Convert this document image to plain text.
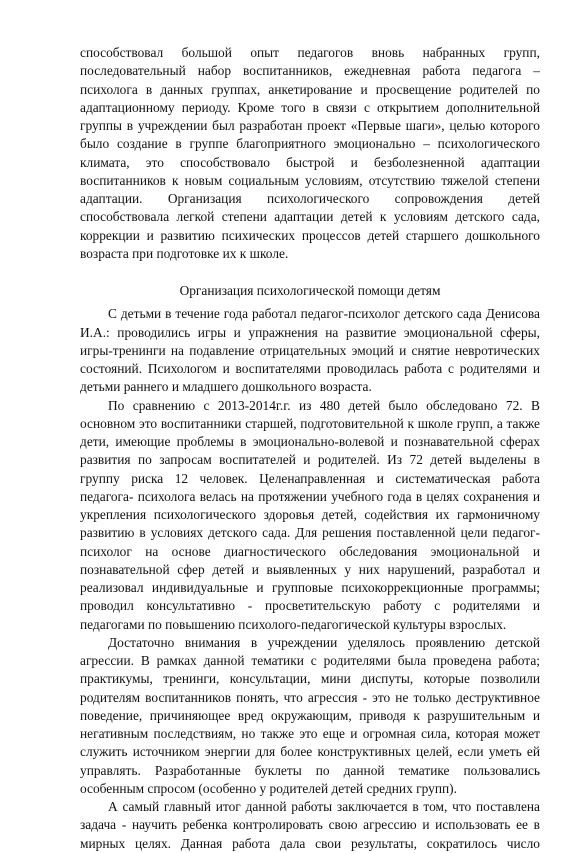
способствовал большой опыт педагогов вновь набранных групп,
последовательный набор воспитанников, ежедневная работа педагога –
психолога в данных группах, анкетирование и просвещение родителей по
адаптационному периоду. Кроме того в связи с открытием дополнительной
группы в учреждении был разработан проект «Первые шаги», целью которого
было создание в группе благоприятного эмоционально – психологического
климата, это способствовало быстрой и безболезненной адаптации
воспитанников к новым социальным условиям, отсутствию тяжелой степени
адаптации. Организация психологического сопровождения детей
способствовала легкой степени адаптации детей к условиям детского сада,
коррекции и развитию психических процессов детей старшего дошкольного
возраста при подготовке их к школе.
Организация психологической помощи детям
С детьми в течение года работал педагог-психолог детского сада Денисова
И.А.: проводились игры и упражнения на развитие эмоциональной сферы,
игры-тренинги на подавление отрицательных эмоций и снятие невротических
состояний. Психологом и воспитателями проводилась работа с родителями и
детьми раннего и младшего дошкольного возраста.
По сравнению с 2013-2014г.г. из 480 детей было обследовано 72. В
основном это воспитанники старшей, подготовительной к школе групп, а также
дети, имеющие проблемы в эмоционально-волевой и познавательной сферах
развития по запросам воспитателей и родителей. Из 72 детей выделены в
группу риска 12 человек. Целенаправленная и систематическая работа
педагога- психолога велась на протяжении учебного года в целях сохранения и
укрепления психологического здоровья детей, содействия их гармоничному
развитию в условиях детского сада. Для решения поставленной цели педагог-
психолог на основе диагностического обследования эмоциональной и
познавательной сфер детей и выявленных у них нарушений, разработал и
реализовал индивидуальные и групповые психокоррекционные программы;
проводил консультативно - просветительскую работу с родителями и
педагогами по повышению психолого-педагогической культуры взрослых.
Достаточно внимания в учреждении уделялось проявлению детской
агрессии. В рамках данной тематики с родителями была проведена работа;
практикумы, тренинги, консультации, мини диспуты, которые позволили
родителям воспитанников понять, что агрессия - это не только деструктивное
поведение, причиняющее вред окружающим, приводя к разрушительным и
негативным последствиям, но также это еще и огромная сила, которая может
служить источником энергии для более конструктивных целей, если уметь ей
управлять. Разработанные буклеты по данной тематике пользовались
особенным спросом (особенно у родителей детей средних групп).
А самый главный итог данной работы заключается в том, что поставлена
задача - научить ребенка контролировать свою агрессию и использовать ее в
мирных целях. Данная работа дала свои результаты, сократилось число
